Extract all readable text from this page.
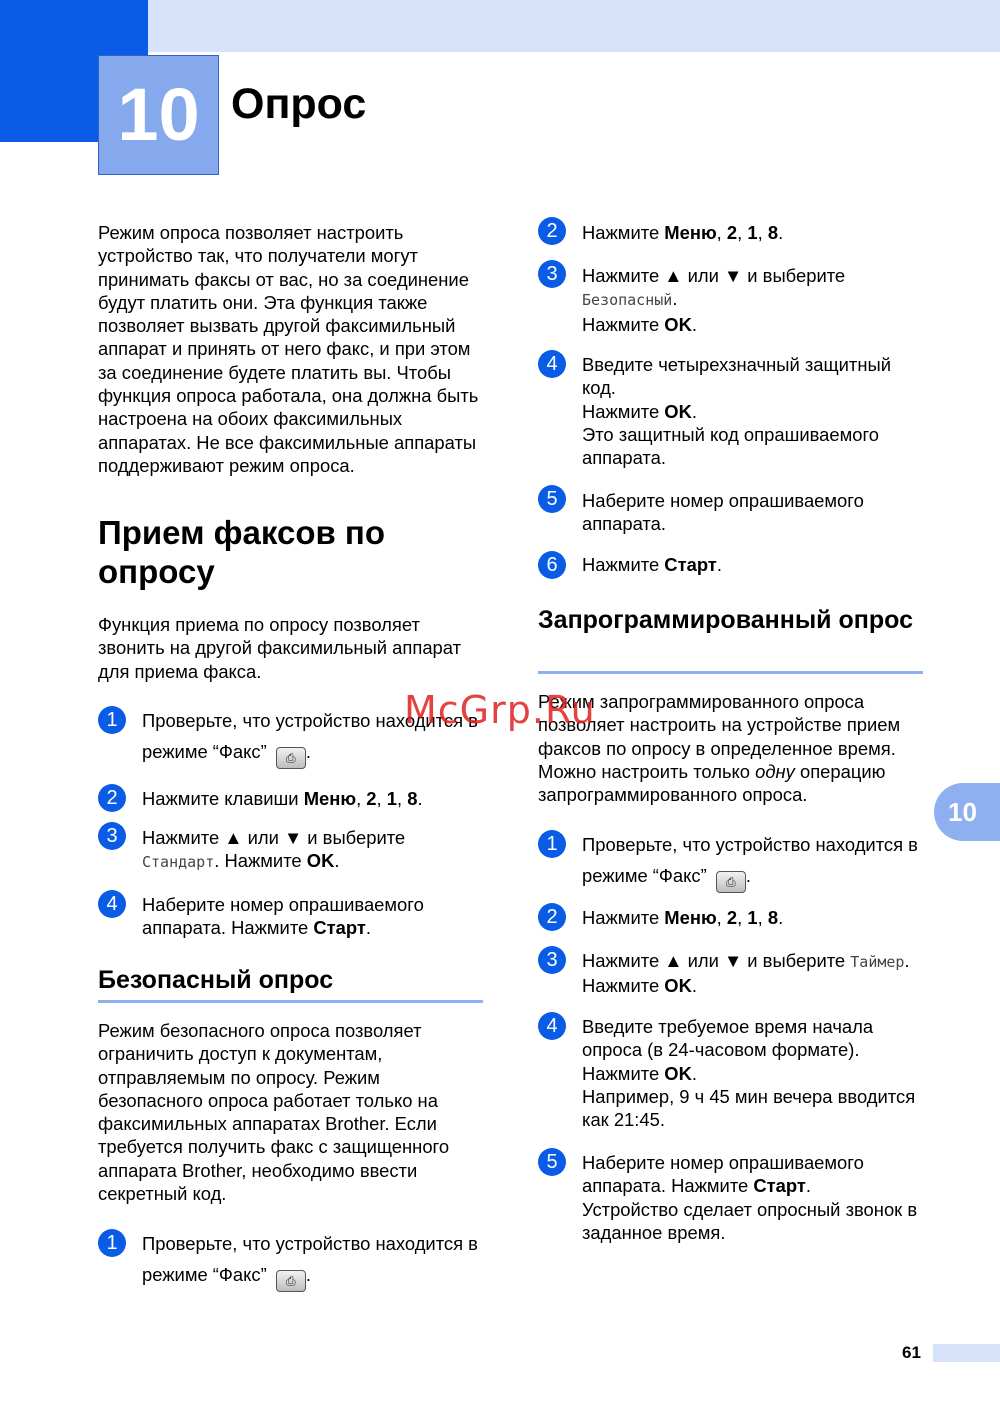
10 Опрос

Режим опроса позволяет настроить устройство так, что получатели могут принимать факсы от вас, но за соединение будут платить они. Эта функция также позволяет вызвать другой факсимильный аппарат и принять от него факс, и при этом за соединение будете платить вы. Чтобы функция опроса работала, она должна быть настроена на обоих факсимильных аппаратах. Не все факсимильные аппараты поддерживают режим опроса.

Прием факсов по опросу

Функция приема по опросу позволяет звонить на другой факсимильный аппарат для приема факса.

1	Проверьте, что устройство находится в режиме “Факс” ⎙ .
2	Нажмите клавиши Меню, 2, 1, 8.
3	Нажмите ▲ или ▼ и выберите
Стандарт. Нажмите OK.
4	Наберите номер опрашиваемого аппарата. Нажмите Старт.
Безопасный опрос

Режим безопасного опроса позволяет ограничить доступ к документам, отправляемым по опросу. Режим безопасного опроса работает только на факсимильных аппаратах Brother. Если требуется получить факс с защищенного аппарата Brother, необходимо ввести секретный код.

1	Проверьте, что устройство находится в режиме “Факс” ⎙ .
2	Нажмите Меню, 2, 1, 8.
3	Нажмите ▲ или ▼ и выберите
Безопасный.
Нажмите OK.
4	Введите четырехзначный защитный код.
Нажмите OK.
Это защитный код опрашиваемого аппарата.
5	Наберите номер опрашиваемого аппарата.
6	Нажмите Старт.
Запрограммированный опрос

Режим запрограммированного опроса позволяет настроить на устройстве прием факсов по опросу в определенное время. Можно настроить только одну операцию запрограммированного опроса.

1	Проверьте, что устройство находится в режиме “Факс” ⎙ .
2	Нажмите Меню, 2, 1, 8.
3	Нажмите ▲ или ▼ и выберите Таймер.
Нажмите OK.
4	Введите требуемое время начала опроса (в 24-часовом формате).
Нажмите OK.
Например, 9 ч 45 мин вечера вводится как 21:45.
5	Наберите номер опрашиваемого аппарата. Нажмите Старт.
Устройство сделает опросный звонок в заданное время.
10
McGrp.Ru
61
